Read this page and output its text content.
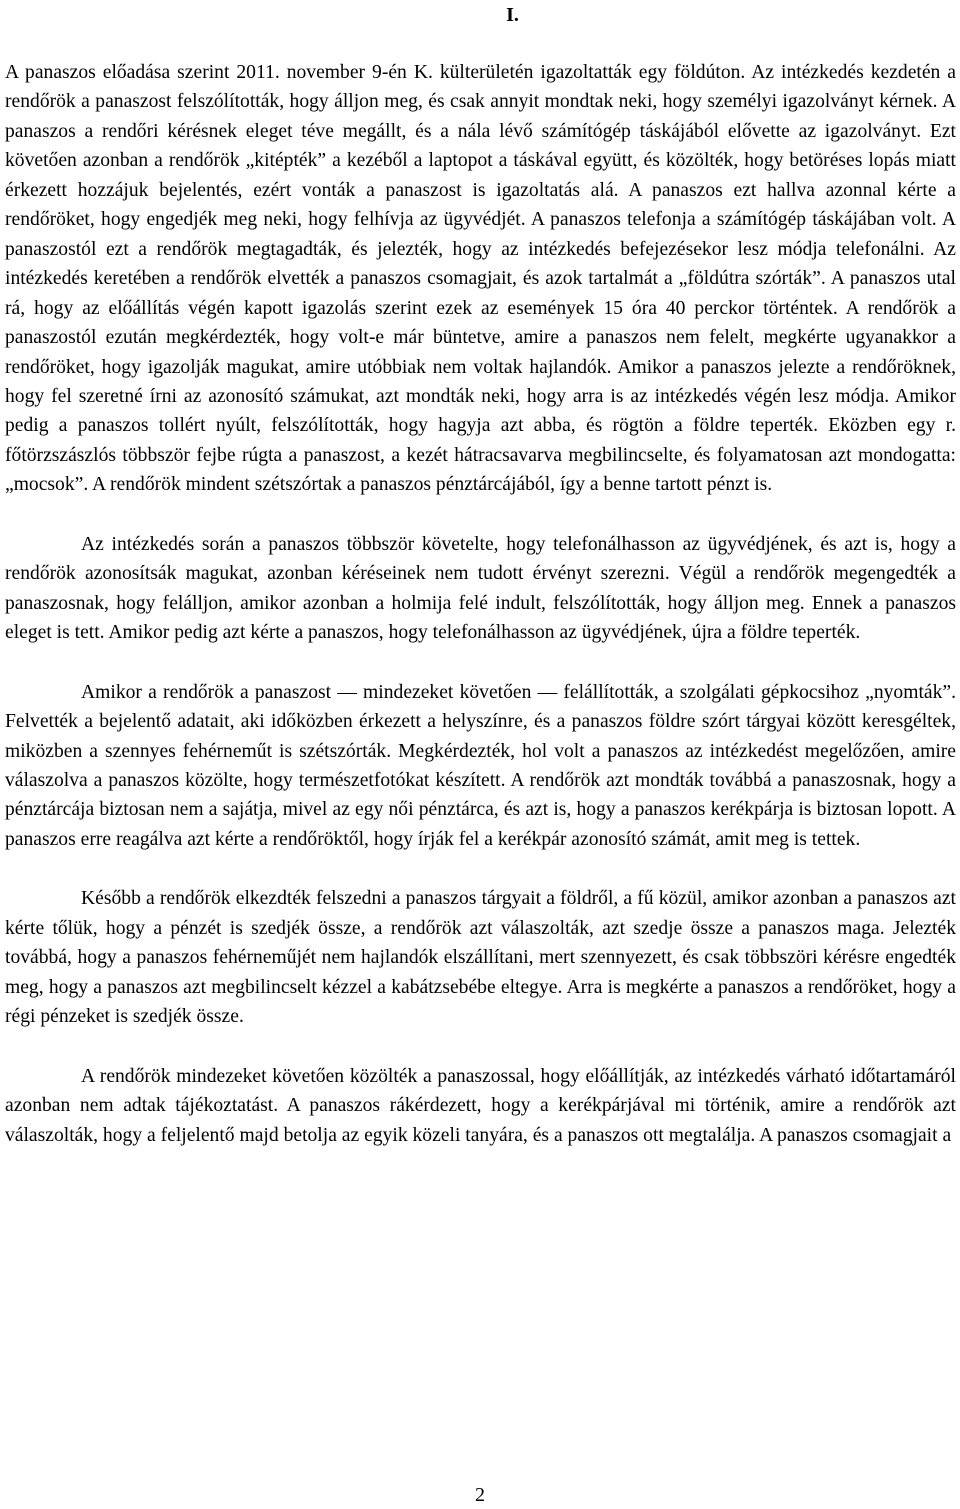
I.

A panaszos előadása szerint 2011. november 9-én K. külterületén igazoltatták egy földúton. Az intézkedés kezdetén a rendőrök a panaszost felszólították, hogy álljon meg, és csak annyit mondtak neki, hogy személyi igazolványt kérnek. A panaszos a rendőri kérésnek eleget téve megállt, és a nála lévő számítógép táskájából elővette az igazolványt. Ezt követően azonban a rendőrök „kitépték” a kezéből a laptopot a táskával együtt, és közölték, hogy betöréses lopás miatt érkezett hozzájuk bejelentés, ezért vonták a panaszost is igazoltatás alá. A panaszos ezt hallva azonnal kérte a rendőröket, hogy engedjék meg neki, hogy felhívja az ügyvédjét. A panaszos telefonja a számítógép táskájában volt. A panaszostól ezt a rendőrök megtagadták, és jelezték, hogy az intézkedés befejezésekor lesz módja telefonálni. Az intézkedés keretében a rendőrök elvették a panaszos csomagjait, és azok tartalmát a „földútra szórták”. A panaszos utal rá, hogy az előállítás végén kapott igazolás szerint ezek az események 15 óra 40 perckor történtek. A rendőrök a panaszostól ezután megkérdezték, hogy volt-e már büntetve, amire a panaszos nem felelt, megkérte ugyanakkor a rendőröket, hogy igazolják magukat, amire utóbbiak nem voltak hajlandók. Amikor a panaszos jelezte a rendőröknek, hogy fel szeretné írni az azonosító számukat, azt mondták neki, hogy arra is az intézkedés végén lesz módja. Amikor pedig a panaszos tollért nyúlt, felszólították, hogy hagyja azt abba, és rögtön a földre teperték. Eközben egy r. főtörzszászlós többször fejbe rúgta a panaszost, a kezét hátracsavarva megbilincselte, és folyamatosan azt mondogatta: „mocsok”. A rendőrök mindent szétszórtak a panaszos pénztárcájából, így a benne tartott pénzt is.

Az intézkedés során a panaszos többször követelte, hogy telefonálhasson az ügyvédjének, és azt is, hogy a rendőrök azonosítsák magukat, azonban kéréseinek nem tudott érvényt szerezni. Végül a rendőrök megengedték a panaszosnak, hogy felálljon, amikor azonban a holmija felé indult, felszólították, hogy álljon meg. Ennek a panaszos eleget is tett. Amikor pedig azt kérte a panaszos, hogy telefonálhasson az ügyvédjének, újra a földre teperték.

Amikor a rendőrök a panaszost — mindezeket követően — felállították, a szolgálati gépkocsihoz „nyomták”. Felvették a bejelentő adatait, aki időközben érkezett a helyszínre, és a panaszos földre szórt tárgyai között keresgéltek, miközben a szennyes fehérneműt is szétszórták. Megkérdezték, hol volt a panaszos az intézkedést megelőzően, amire válaszolva a panaszos közölte, hogy természetfotókat készített. A rendőrök azt mondták továbbá a panaszosnak, hogy a pénztárcája biztosan nem a sajátja, mivel az egy női pénztárca, és azt is, hogy a panaszos kerékpárja is biztosan lopott. A panaszos erre reagálva azt kérte a rendőröktől, hogy írják fel a kerékpár azonosító számát, amit meg is tettek.

Később a rendőrök elkezdték felszedni a panaszos tárgyait a földről, a fű közül, amikor azonban a panaszos azt kérte tőlük, hogy a pénzét is szedjék össze, a rendőrök azt válaszolták, azt szedje össze a panaszos maga. Jelezték továbbá, hogy a panaszos fehérneműjét nem hajlandók elszállítani, mert szennyezett, és csak többszöri kérésre engedték meg, hogy a panaszos azt megbilincselt kézzel a kabátzsebébe eltegye. Arra is megkérte a panaszos a rendőröket, hogy a régi pénzeket is szedjék össze.

A rendőrök mindezeket követően közölték a panaszossal, hogy előállítják, az intézkedés várható időtartamáról azonban nem adtak tájékoztatást. A panaszos rákérdezett, hogy a kerékpárjával mi történik, amire a rendőrök azt válaszolták, hogy a feljelentő majd betolja az egyik közeli tanyára, és a panaszos ott megtalálja. A panaszos csomagjait a

2
